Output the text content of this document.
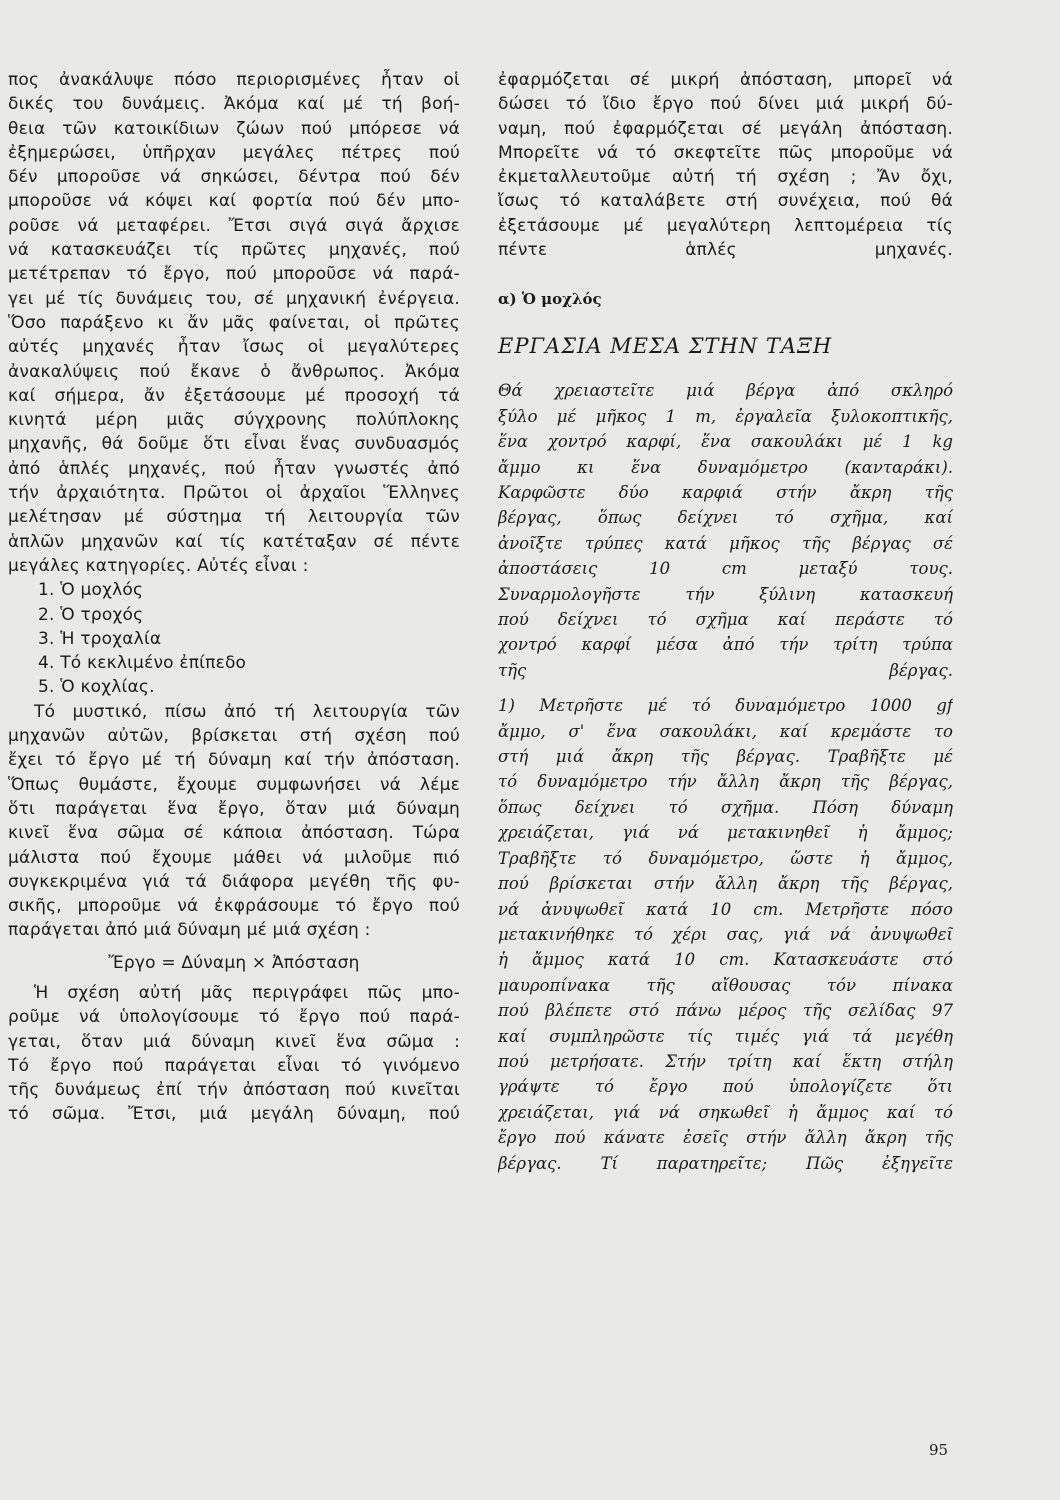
πος ἀνακάλυψε πόσο περιορισμένες ἦταν οἱ
δικές του δυνάμεις. Ἀκόμα καί μέ τή βοή-
θεια τῶν κατοικίδιων ζώων πού μπόρεσε νά
ἐξημερώσει, ὑπῆρχαν μεγάλες πέτρες πού
δέν μποροῦσε νά σηκώσει, δέντρα πού δέν
μποροῦσε νά κόψει καί φορτία πού δέν μπο-
ροῦσε νά μεταφέρει. Ἔτσι σιγά σιγά ἄρχισε
νά κατασκευάζει τίς πρῶτες μηχανές, πού
μετέτρεπαν τό ἔργο, πού μποροῦσε νά παρά-
γει μέ τίς δυνάμεις του, σέ μηχανική ἐνέργεια.
Ὅσο παράξενο κι ἄν μᾶς φαίνεται, οἱ πρῶτες
αὐτές μηχανές ἦταν ἴσως οἱ μεγαλύτερες
ἀνακαλύψεις πού ἔκανε ὁ ἄνθρωπος. Ἀκόμα
καί σήμερα, ἄν ἐξετάσουμε μέ προσοχή τά
κινητά μέρη μιᾶς σύγχρονης πολύπλοκης
μηχανῆς, θά δοῦμε ὅτι εἶναι ἕνας συνδυασμός
ἀπό ἁπλές μηχανές, πού ἦταν γνωστές ἀπό
τήν ἀρχαιότητα. Πρῶτοι οἱ ἀρχαῖοι Ἕλληνες
μελέτησαν μέ σύστημα τή λειτουργία τῶν
ἁπλῶν μηχανῶν καί τίς κατέταξαν σέ πέντε
μεγάλες κατηγορίες. Αὐτές εἶναι :
1. Ὁ μοχλός
2. Ὁ τροχός
3. Ἡ τροχαλία
4. Τό κεκλιμένο ἐπίπεδο
5. Ὁ κοχλίας.
Τό μυστικό, πίσω ἀπό τή λειτουργία τῶν
μηχανῶν αὐτῶν, βρίσκεται στή σχέση πού
ἔχει τό ἔργο μέ τή δύναμη καί τήν ἀπόσταση.
Ὅπως θυμάστε, ἔχουμε συμφωνήσει νά λέμε
ὅτι παράγεται ἕνα ἔργο, ὅταν μιά δύναμη
κινεῖ ἕνα σῶμα σέ κάποια ἀπόσταση. Τώρα
μάλιστα πού ἔχουμε μάθει νά μιλοῦμε πιό
συγκεκριμένα γιά τά διάφορα μεγέθη τῆς φυ-
σικῆς, μποροῦμε νά ἐκφράσουμε τό ἔργο πού
παράγεται ἀπό μιά δύναμη μέ μιά σχέση :
Ἔργο = Δύναμη × Ἀπόσταση
Ἡ σχέση αὐτή μᾶς περιγράφει πῶς μπο-
ροῦμε νά ὑπολογίσουμε τό ἔργο πού παρά-
γεται, ὅταν μιά δύναμη κινεῖ ἕνα σῶμα :
Τό ἔργο πού παράγεται εἶναι τό γινόμενο
τῆς δυνάμεως ἐπί τήν ἀπόσταση πού κινεῖται
τό σῶμα. Ἔτσι, μιά μεγάλη δύναμη, πού
ἐφαρμόζεται σέ μικρή ἀπόσταση, μπορεῖ νά
δώσει τό ἴδιο ἔργο πού δίνει μιά μικρή δύ-
ναμη, πού ἐφαρμόζεται σέ μεγάλη ἀπόσταση.
Μπορεῖτε νά τό σκεφτεῖτε πῶς μποροῦμε νά
ἐκμεταλλευτοῦμε αὐτή τή σχέση ; Ἄν ὄχι,
ἴσως τό καταλάβετε στή συνέχεια, πού θά
ἐξετάσουμε μέ μεγαλύτερη λεπτομέρεια τίς
πέντε ἁπλές μηχανές.
α) Ὁ μοχλός
ΕΡΓΑΣΙΑ ΜΕΣΑ ΣΤΗΝ ΤΑΞΗ
Θά χρειαστεῖτε μιά βέργα ἀπό σκληρό
ξύλο μέ μῆκος 1 m, ἐργαλεῖα ξυλοκοπτικῆς,
ἕνα χοντρό καρφί, ἕνα σακουλάκι μέ 1 kg
ἄμμο κι ἕνα δυναμόμετρο (κανταράκι).
Καρφῶστε δύο καρφιά στήν ἄκρη τῆς
βέργας, ὅπως δείχνει τό σχῆμα, καί
ἀνοῖξτε τρύπες κατά μῆκος τῆς βέργας σέ
ἀποστάσεις 10 cm μεταξύ τους.
Συναρμολογῆστε τήν ξύλινη κατασκευή
πού δείχνει τό σχῆμα καί περάστε τό
χοντρό καρφί μέσα ἀπό τήν τρίτη τρύπα
τῆς βέργας.
1) Μετρῆστε μέ τό δυναμόμετρο 1000 gf
ἄμμο, σ' ἕνα σακουλάκι, καί κρεμάστε το
στή μιά ἄκρη τῆς βέργας. Τραβῆξτε μέ
τό δυναμόμετρο τήν ἄλλη ἄκρη τῆς βέργας,
ὅπως δείχνει τό σχῆμα. Πόση δύναμη
χρειάζεται, γιά νά μετακινηθεῖ ἡ ἄμμος;
Τραβῆξτε τό δυναμόμετρο, ὥστε ἡ ἄμμος,
πού βρίσκεται στήν ἄλλη ἄκρη τῆς βέργας,
νά ἀνυψωθεῖ κατά 10 cm. Μετρῆστε πόσο
μετακινήθηκε τό χέρι σας, γιά νά ἀνυψωθεῖ
ἡ ἄμμος κατά 10 cm. Κατασκευάστε στό
μαυροπίνακα τῆς αἴθουσας τόν πίνακα
πού βλέπετε στό πάνω μέρος τῆς σελίδας 97
καί συμπληρῶστε τίς τιμές γιά τά μεγέθη
πού μετρήσατε. Στήν τρίτη καί ἕκτη στήλη
γράψτε τό ἔργο πού ὑπολογίζετε ὅτι
χρειάζεται, γιά νά σηκωθεῖ ἡ ἄμμος καί τό
ἔργο πού κάνατε ἐσεῖς στήν ἄλλη ἄκρη τῆς
βέργας. Τί παρατηρεῖτε; Πῶς ἐξηγεῖτε
95
